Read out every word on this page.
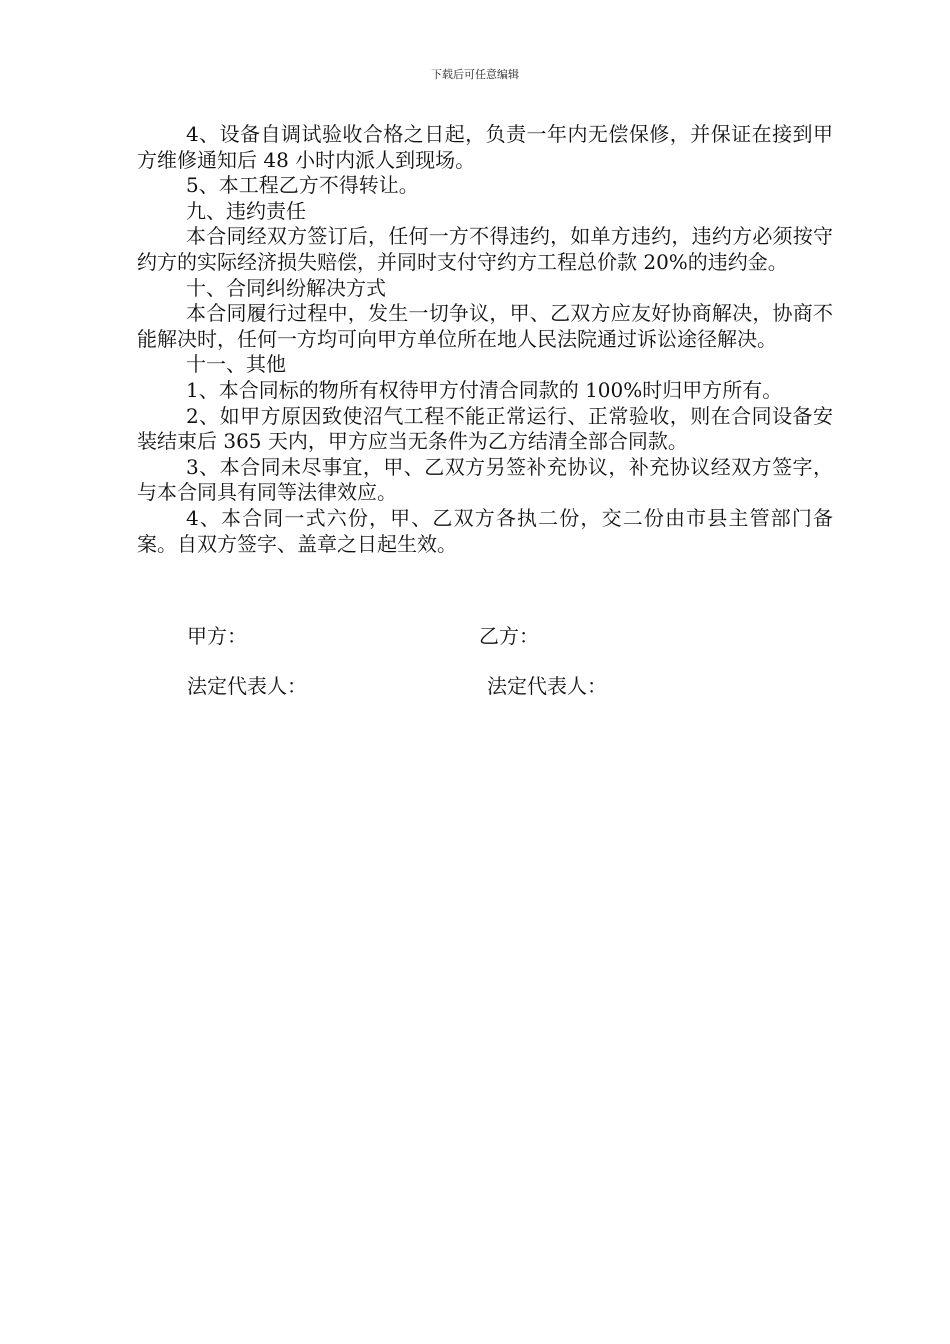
下载后可任意编辑

4、设备自调试验收合格之日起，负责一年内无偿保修，并保证在接到甲方维修通知后 48 小时内派人到现场。

5、本工程乙方不得转让。

九、违约责任

本合同经双方签订后，任何一方不得违约，如单方违约，违约方必须按守约方的实际经济损失赔偿，并同时支付守约方工程总价款 20%的违约金。

十、合同纠纷解决方式

本合同履行过程中，发生一切争议，甲、乙双方应友好协商解决，协商不能解决时，任何一方均可向甲方单位所在地人民法院通过诉讼途径解决。

十一、其他

1、本合同标的物所有权待甲方付清合同款的 100%时归甲方所有。

2、如甲方原因致使沼气工程不能正常运行、正常验收，则在合同设备安装结束后 365 天内，甲方应当无条件为乙方结清全部合同款。

3、本合同未尽事宜，甲、乙双方另签补充协议，补充协议经双方签字，与本合同具有同等法律效应。

4、本合同一式六份，甲、乙双方各执二份，交二份由市县主管部门备案。自双方签字、盖章之日起生效。

甲方：	乙方：
法定代表人：	法定代表人：
